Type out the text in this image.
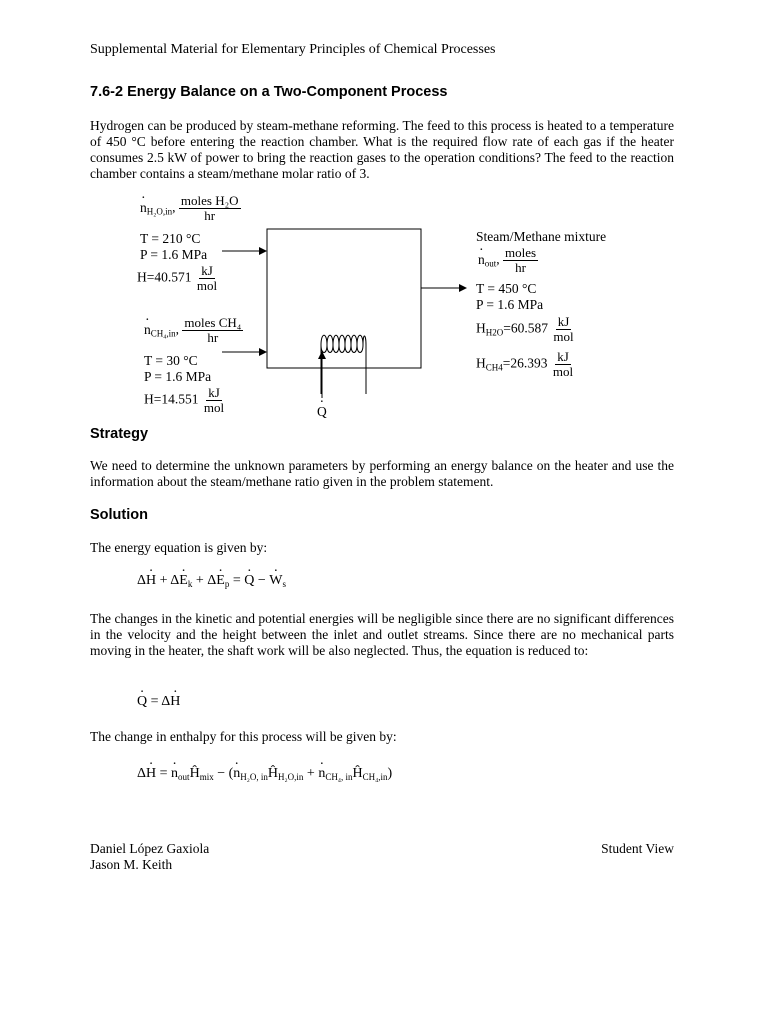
Supplemental Material for Elementary Principles of Chemical Processes
7.6-2 Energy Balance on a Two-Component Process
Hydrogen can be produced by steam-methane reforming. The feed to this process is heated to a temperature of 450 °C before entering the reaction chamber. What is the required flow rate of each gas if the heater consumes 2.5 kW of power to bring the reaction gases to the operation conditions? The feed to the reaction chamber contains a steam/methane molar ratio of 3.
· $n_{H_2O,in}$, $\frac{\text{moles H₂O}}{hr}$
T = 210 °C
P = 1.6 MPa
$H=40.571 \frac{kJ}{\text{mol}}$
· $n_{CH_4,in}$, $\frac{\text{moles CH₄}}{hr}$
T = 30 °C
P = 1.6 MPa
$H=14.551 \frac{kJ}{\text{mol}}$
Steam/Methane mixture
· $n_{out}$, $\frac{\text{moles}}{hr}$
T = 450 °C
P = 1.6 MPa
$H_{H2O}=60.587 \frac{kJ}{\text{mol}}$
$H_{CH4}=26.393 \frac{kJ}{\text{mol}}$
· Q
Strategy
We need to determine the unknown parameters by performing an energy balance on the heater and use the information about the steam/methane ratio given in the problem statement.
Solution
The energy equation is given by:
$\Delta\cdot H + \Delta\cdot E_k + \Delta\cdot E_p$ = · Q − · $W_s$
The changes in the kinetic and potential energies will be negligible since there are no significant differences in the velocity and the height between the inlet and outlet streams. Since there are no mechanical parts moving in the heater, the shaft work will be also neglected. Thus, the equation is reduced to:
· Q = Δ· H
The change in enthalpy for this process will be given by:
Δ· H = · $n_{out}Ĥ_{mix}$ − (· $n_{H_2O, in}Ĥ_{H_2O,in}$ + · $n_{CH_4, in}Ĥ_{CH_4,in}$)
Daniel López Gaxiola
Jason M. Keith
Student View
